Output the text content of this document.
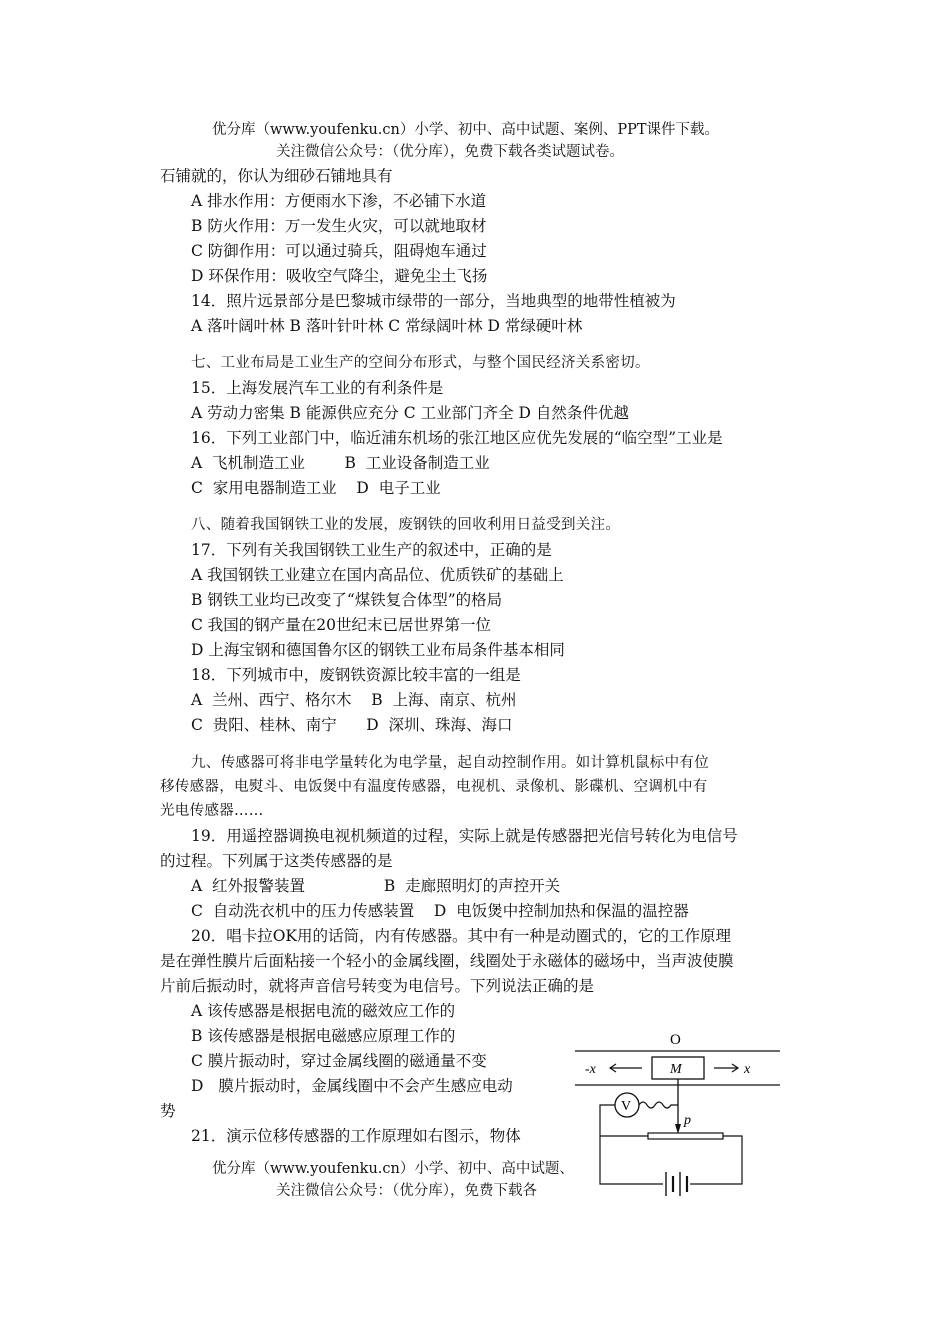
优分库（www.youfenku.cn）小学、初中、高中试题、案例、PPT课件下载。
关注微信公众号：（优分库），免费下载各类试题试卷。
石铺就的，你认为细砂石铺地具有
A 排水作用：方便雨水下渗，不必铺下水道
B 防火作用：万一发生火灾，可以就地取材
C 防御作用：可以通过骑兵，阻碍炮车通过
D 环保作用：吸收空气降尘，避免尘土飞扬
14．照片远景部分是巴黎城市绿带的一部分，当地典型的地带性植被为
A 落叶阔叶林 B 落叶针叶林 C 常绿阔叶林 D 常绿硬叶林
七、工业布局是工业生产的空间分布形式，与整个国民经济关系密切。
15．上海发展汽车工业的有利条件是
A 劳动力密集 B 能源供应充分 C 工业部门齐全 D 自然条件优越
16．下列工业部门中，临近浦东机场的张江地区应优先发展的“临空型”工业是
A  飞机制造工业        B  工业设备制造工业
C  家用电器制造工业    D  电子工业
八、随着我国钢铁工业的发展，废钢铁的回收利用日益受到关注。
17．下列有关我国钢铁工业生产的叙述中，正确的是
A 我国钢铁工业建立在国内高品位、优质铁矿的基础上
B 钢铁工业均已改变了“煤铁复合体型”的格局
C 我国的钢产量在20世纪末已居世界第一位
D 上海宝钢和德国鲁尔区的钢铁工业布局条件基本相同
18．下列城市中，废钢铁资源比较丰富的一组是
A  兰州、西宁、格尔木    B  上海、南京、杭州
C  贵阳、桂林、南宁      D  深圳、珠海、海口
九、传感器可将非电学量转化为电学量，起自动控制作用。如计算机鼠标中有位
移传感器，电熨斗、电饭煲中有温度传感器，电视机、录像机、影碟机、空调机中有
光电传感器……
19．用遥控器调换电视机频道的过程，实际上就是传感器把光信号转化为电信号
的过程。下列属于这类传感器的是
A  红外报警装置                B  走廊照明灯的声控开关
C  自动洗衣机中的压力传感装置    D  电饭煲中控制加热和保温的温控器
20．唱卡拉OK用的话筒，内有传感器。其中有一种是动圈式的，它的工作原理
是在弹性膜片后面粘接一个轻小的金属线圈，线圈处于永磁体的磁场中，当声波使膜
片前后振动时，就将声音信号转变为电信号。下列说法正确的是
A 该传感器是根据电流的磁效应工作的
B 该传感器是根据电磁感应原理工作的
C 膜片振动时，穿过金属线圈的磁通量不变
D   膜片振动时，金属线圈中不会产生感应电动
势
21．演示位移传感器的工作原理如右图示，物体
优分库（www.youfenku.cn）小学、初中、高中试题、
关注微信公众号：（优分库），免费下载各
O
-x	M	x
p
V
